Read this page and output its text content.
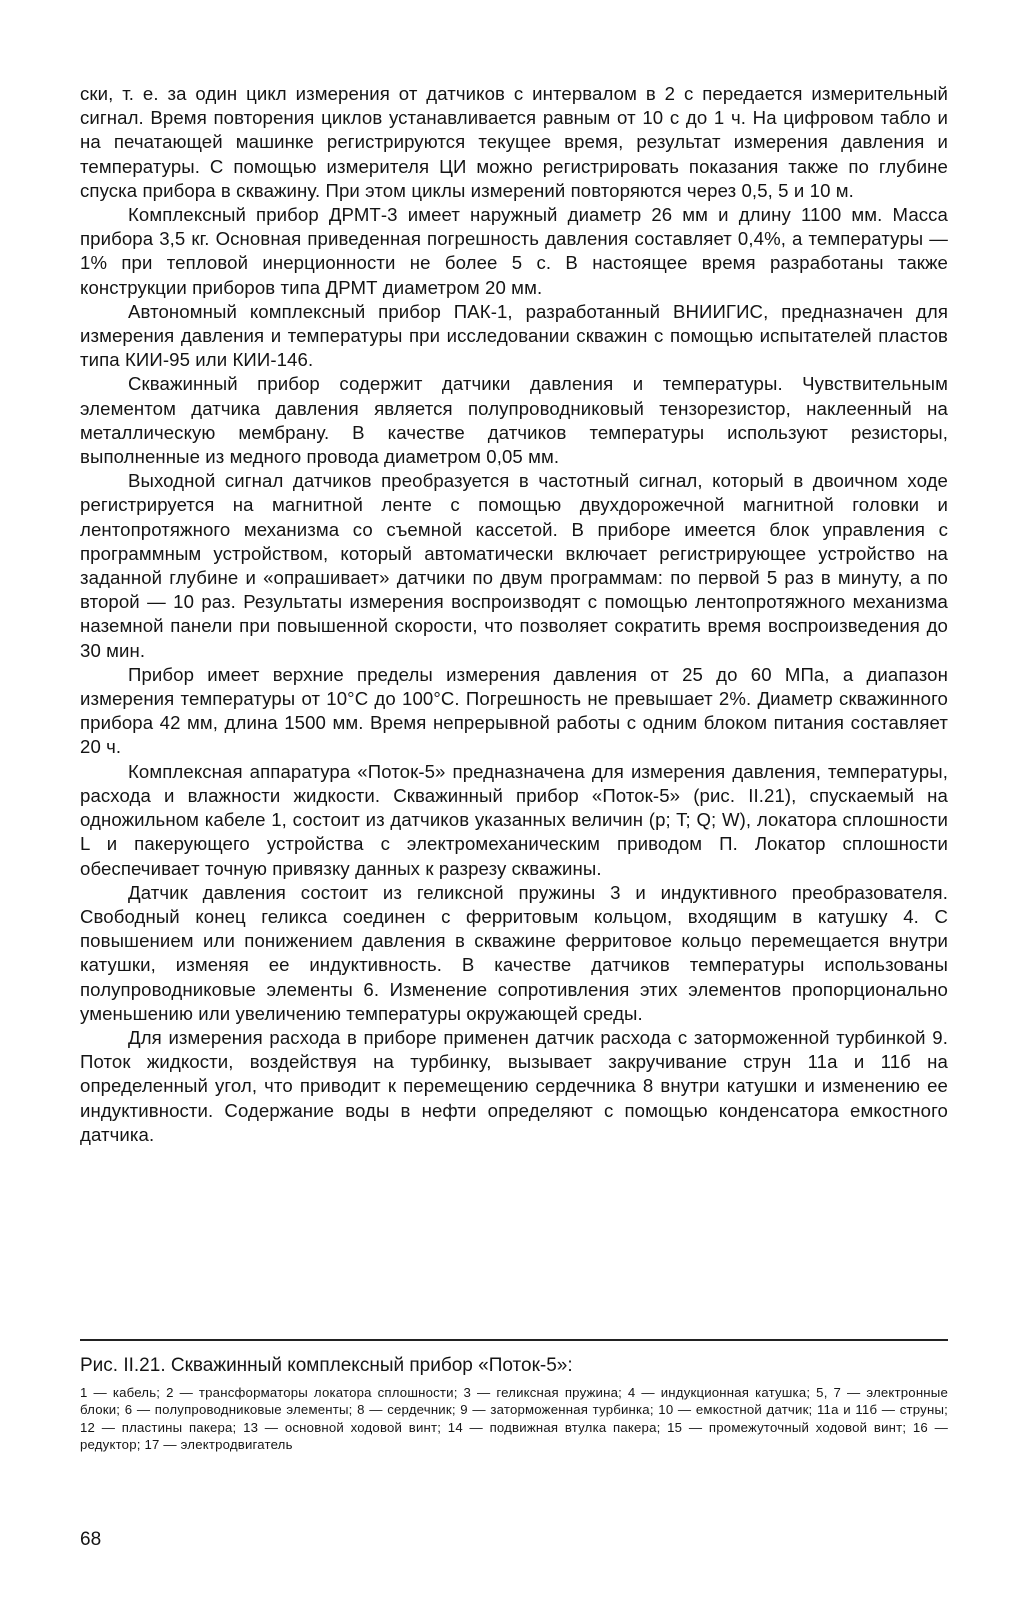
ски, т. е. за один цикл измерения от датчиков с интервалом в 2 с передается измерительный сигнал. Время повторения циклов устанавливается равным от 10 с до 1 ч. На цифровом табло и на печатающей машинке регистрируются текущее время, результат измерения давления и температуры. С помощью измерителя ЦИ можно регистрировать показания также по глубине спуска прибора в скважину. При этом циклы измерений повторяются через 0,5, 5 и 10 м.

Комплексный прибор ДРМТ-3 имеет наружный диаметр 26 мм и длину 1100 мм. Масса прибора 3,5 кг. Основная приведенная погрешность давления составляет 0,4%, а температуры — 1% при тепловой инерционности не более 5 с. В настоящее время разработаны также конструкции приборов типа ДРМТ диаметром 20 мм.

Автономный комплексный прибор ПАК-1, разработанный ВНИИГИС, предназначен для измерения давления и температуры при исследовании скважин с помощью испытателей пластов типа КИИ-95 или КИИ-146.

Скважинный прибор содержит датчики давления и температуры. Чувствительным элементом датчика давления является полупроводниковый тензорезистор, наклеенный на металлическую мембрану. В качестве датчиков температуры используют резисторы, выполненные из медного провода диаметром 0,05 мм.

Выходной сигнал датчиков преобразуется в частотный сигнал, который в двоичном ходе регистрируется на магнитной ленте с помощью двухдорожечной магнитной головки и лентопротяжного механизма со съемной кассетой. В приборе имеется блок управления с программным устройством, который автоматически включает регистрирующее устройство на заданной глубине и «опрашивает» датчики по двум программам: по первой 5 раз в минуту, а по второй — 10 раз. Результаты измерения воспроизводят с помощью лентопротяжного механизма наземной панели при повышенной скорости, что позволяет сократить время воспроизведения до 30 мин.

Прибор имеет верхние пределы измерения давления от 25 до 60 МПа, а диапазон измерения температуры от 10°С до 100°С. Погрешность не превышает 2%. Диаметр скважинного прибора 42 мм, длина 1500 мм. Время непрерывной работы с одним блоком питания составляет 20 ч.

Комплексная аппаратура «Поток-5» предназначена для измерения давления, температуры, расхода и влажности жидкости. Скважинный прибор «Поток-5» (рис. II.21), спускаемый на одножильном кабеле 1, состоит из датчиков указанных величин (p; T; Q; W), локатора сплошности L и пакерующего устройства с электромеханическим приводом П. Локатор сплошности обеспечивает точную привязку данных к разрезу скважины.

Датчик давления состоит из геликсной пружины 3 и индуктивного преобразователя. Свободный конец геликса соединен с ферритовым кольцом, входящим в катушку 4. С повышением или понижением давления в скважине ферритовое кольцо перемещается внутри катушки, изменяя ее индуктивность. В качестве датчиков температуры использованы полупроводниковые элементы 6. Изменение сопротивления этих элементов пропорционально уменьшению или увеличению температуры окружающей среды.

Для измерения расхода в приборе применен датчик расхода с заторможенной турбинкой 9. Поток жидкости, воздействуя на турбинку, вызывает закручивание струн 11а и 11б на определенный угол, что приводит к перемещению сердечника 8 внутри катушки и изменению ее индуктивности. Содержание воды в нефти определяют с помощью конденсатора емкостного датчика.

Рис. II.21. Скважинный комплексный прибор «Поток-5»:

1 — кабель; 2 — трансформаторы локатора сплошности; 3 — геликсная пружина; 4 — индукционная катушка; 5, 7 — электронные блоки; 6 — полупроводниковые элементы; 8 — сердечник; 9 — заторможенная турбинка; 10 — емкостной датчик; 11а и 11б — струны; 12 — пластины пакера; 13 — основной ходовой винт; 14 — подвижная втулка пакера; 15 — промежуточный ходовой винт; 16 — редуктор; 17 — электродвигатель

68
